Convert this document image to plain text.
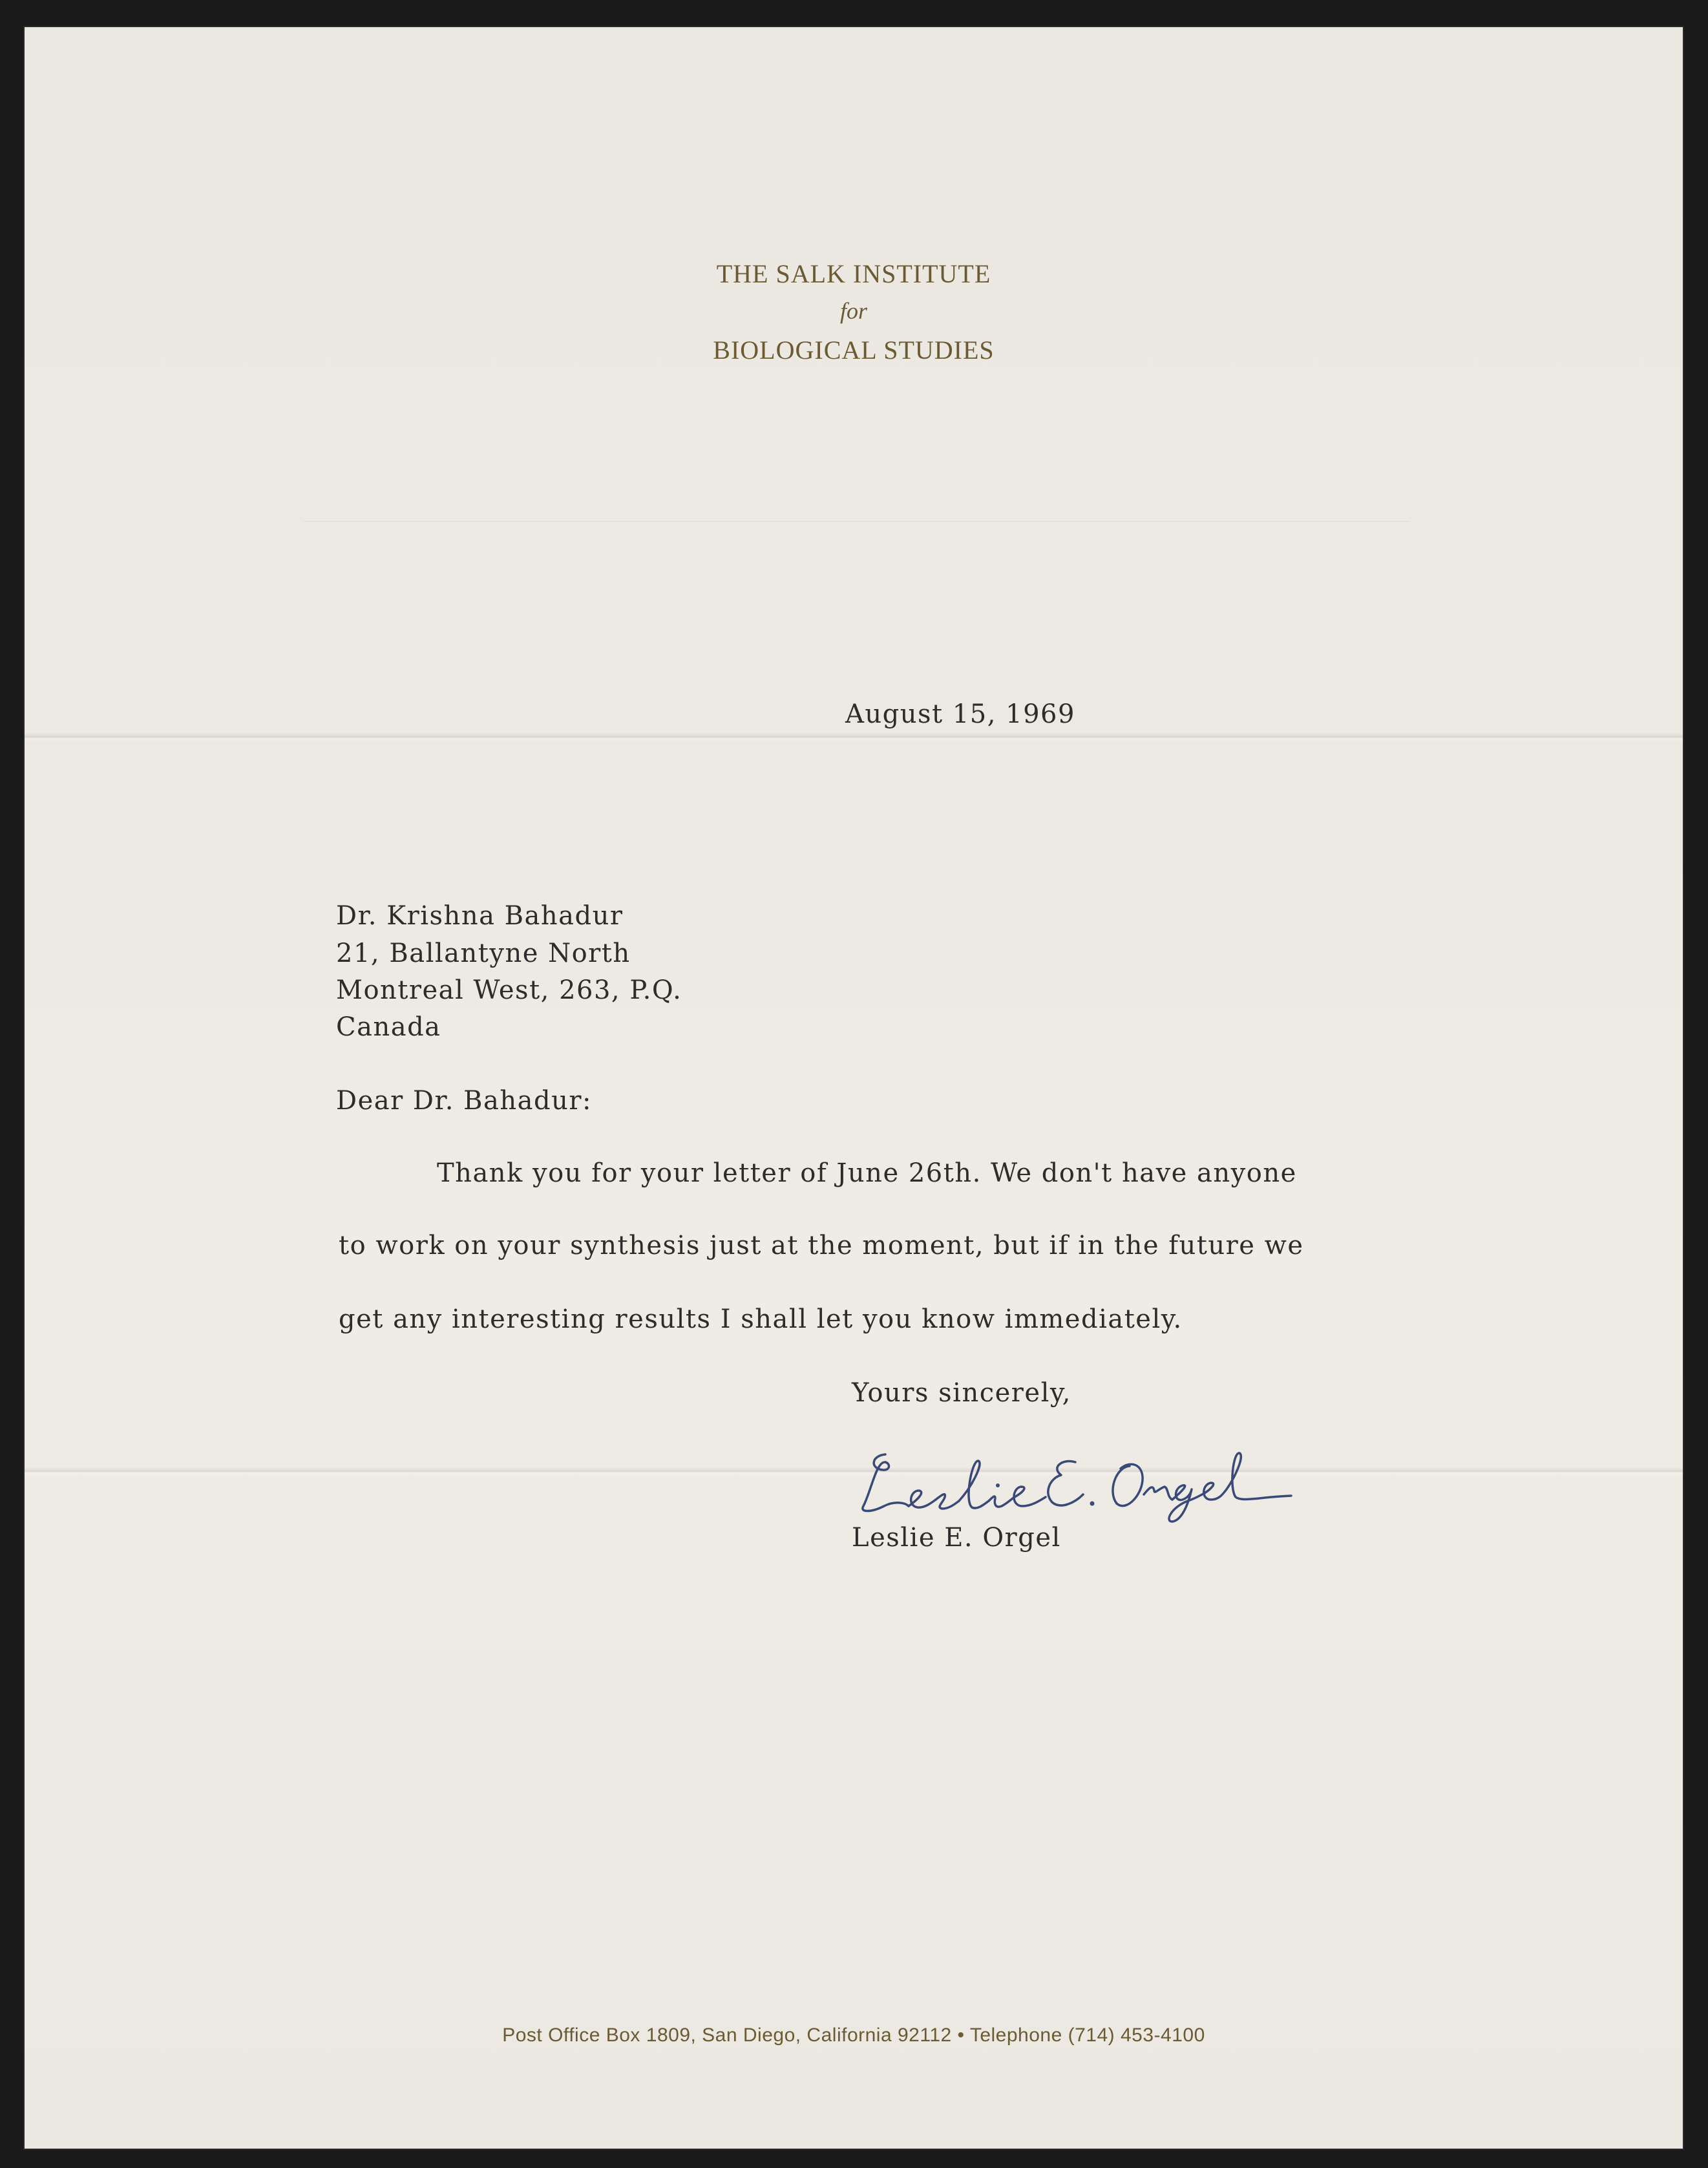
THE SALK INSTITUTE
for
BIOLOGICAL STUDIES
August 15, 1969
Dr. Krishna Bahadur
21, Ballantyne North
Montreal West, 263, P.Q.
Canada
Dear Dr. Bahadur:
Thank you for your letter of June 26th. We don't have anyone
to work on your synthesis just at the moment, but if in the future we
get any interesting results I shall let you know immediately.
Yours sincerely,
Leslie E. Orgel
Post Office Box 1809, San Diego, California 92112 • Telephone (714) 453-4100
